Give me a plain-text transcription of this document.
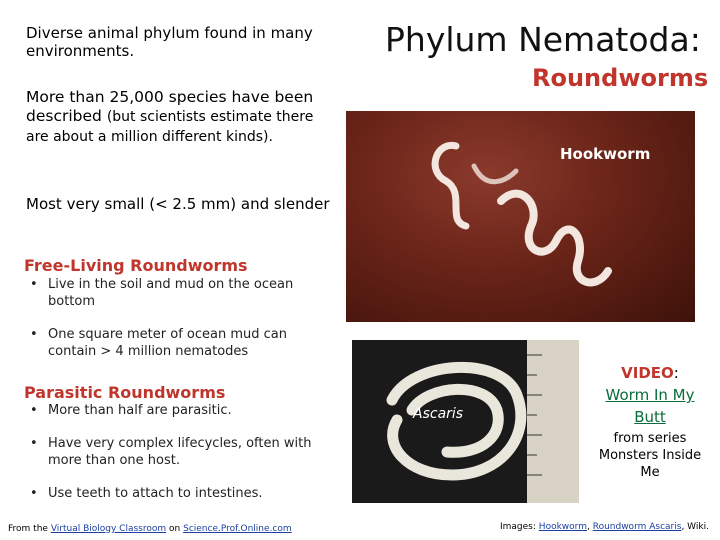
Phylum Nematoda:
Roundworms
Diverse animal phylum found in many environments.
More than 25,000 species have been described (but scientists estimate there are about a million different kinds).
Most very small (< 2.5 mm) and slender
Free-Living Roundworms
• Live in the soil and mud on the ocean bottom
• One square meter of ocean mud can contain > 4 million nematodes
Parasitic Roundworms
• More than half are parasitic.
• Have very complex lifecycles, often with more than one host.
• Use teeth to attach to intestines.
Hookworm
Ascaris
VIDEO:
Worm In My Butt
from series Monsters Inside Me
From the Virtual Biology Classroom on Science.Prof.Online.com	Images: Hookworm, Roundworm Ascaris, Wiki.
